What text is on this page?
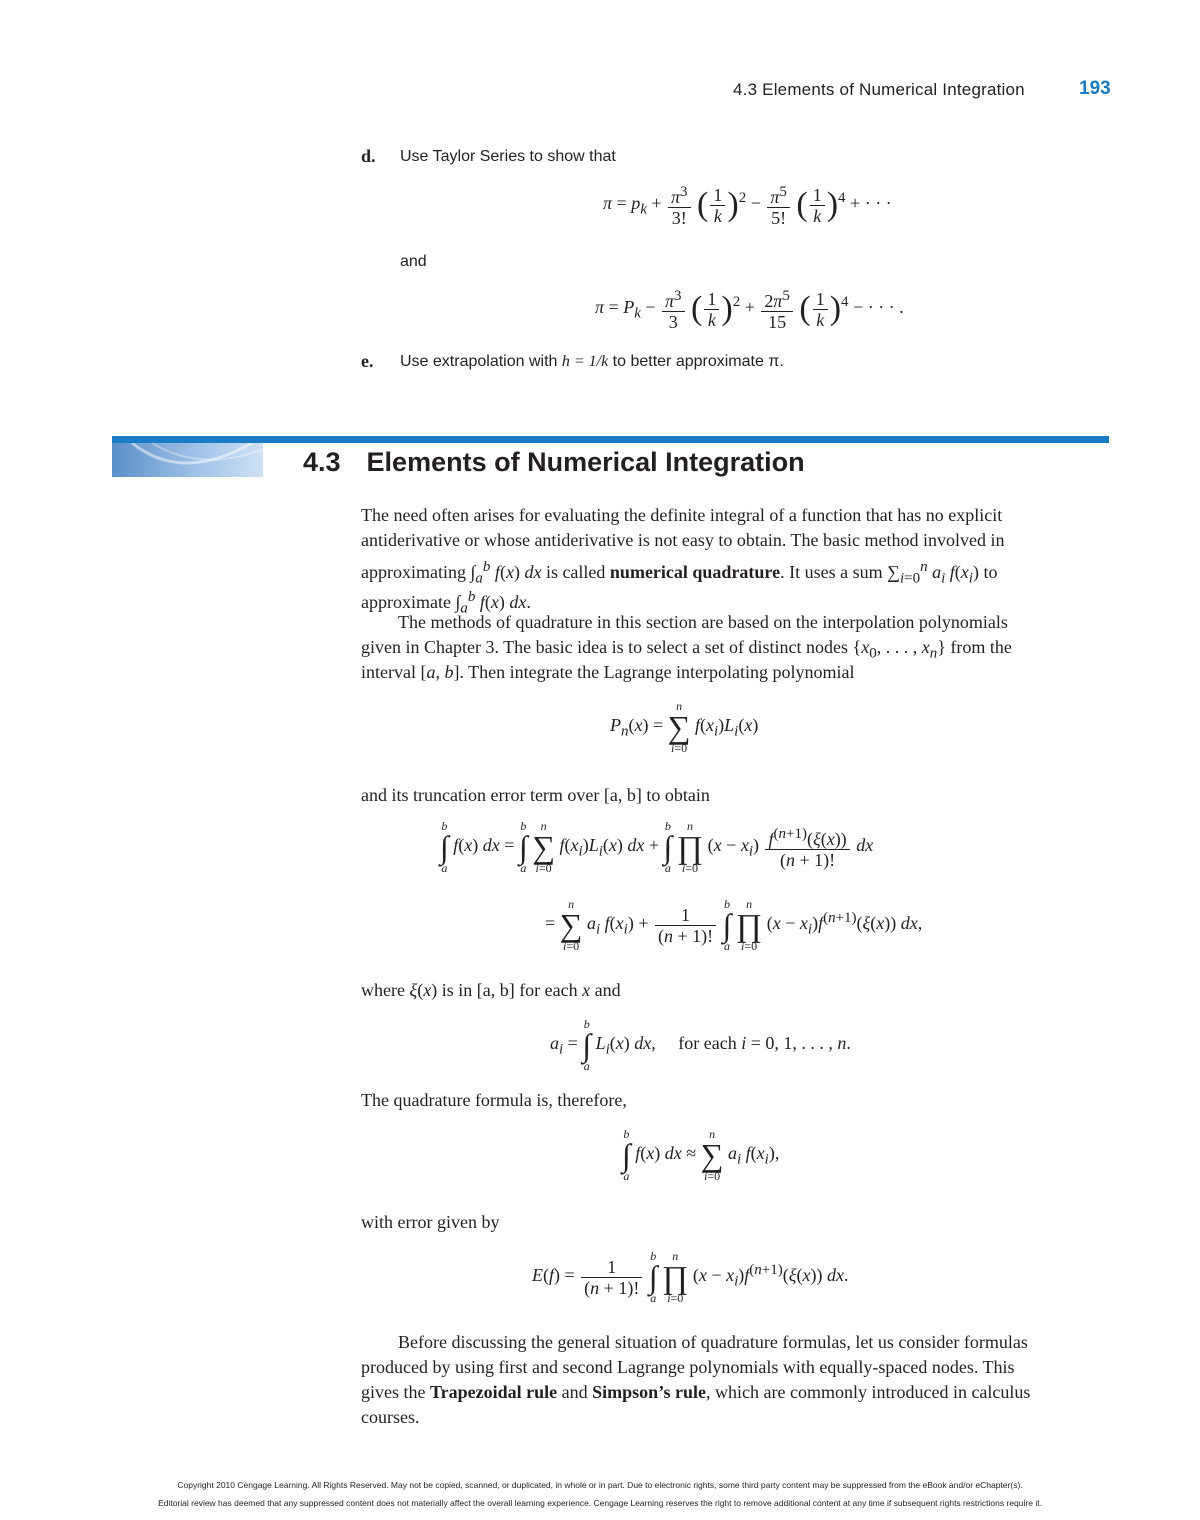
4.3 Elements of Numerical Integration	193
d. Use Taylor Series to show that
$\pi = p_k + \frac{\pi^3}{3!}$ ( $\frac{1}{k} )^2 - \frac{\pi^5}{5!}$ ( $\frac{1}{k} )^4$ + · · ·
and
$\pi = P_k - \frac{\pi^3}{3}$ ( $\frac{1}{k} )^2 + \frac{2\pi^5}{15}$ ( $\frac{1}{k} )^4$ − · · · .
e. Use extrapolation with h = 1/k to better approximate π.
4.3 Elements of Numerical Integration
The need often arises for evaluating the definite integral of a function that has no explicit
antiderivative or whose antiderivative is not easy to obtain. The basic method involved in
approximating $\int_a^b$ f(x) dx is called numerical quadrature. It uses a sum $\sum_{i=0}^n$ $a_i$ $f(x_i)$ to
approximate $\int_a^b$ f(x) dx.
The methods of quadrature in this section are based on the interpolation polynomials
given in Chapter 3. The basic idea is to select a set of distinct nodes {$x_0$, . . . , $x_n$} from the
interval [a, b]. Then integrate the Lagrange interpolating polynomial
$P_n(x) = n$
∑
i=0 $f(x_i)L_i(x)$
and its truncation error term over [a, b] to obtain
b
∫
a f(x) dx = b
∫
a n
∑
i=0 $f(x_i)L_i(x)$ dx + b
∫
a n
∏
i=0 $(x - x_i) \frac{f^{(n+1)}(\xi(x))}{(n + 1)!}$ dx
= n
∑
i=0 $a_i$ $f(x_i) + \frac{1}{(n + 1)!}$
b
∫
a n
∏
i=0 $(x - x_i)f^{(n+1)}(\xi(x))$ dx,
where ξ(x) is in [a, b] for each x and
$a_i = b$
∫
a $L_i(x)$ dx,     for each i = 0, 1, . . . , n.
The quadrature formula is, therefore,
b
∫
a f(x) dx ≈ n
∑
i=0 $a_i$ $f(x_i)$,
with error given by
$E(f) = \frac{1}{(n + 1)!}$
b
∫
a n
∏
i=0 $(x - x_i)f^{(n+1)}(\xi(x))$ dx.
Before discussing the general situation of quadrature formulas, let us consider formulas
produced by using first and second Lagrange polynomials with equally-spaced nodes. This
gives the Trapezoidal rule and Simpson’s rule, which are commonly introduced in calculus
courses.
Copyright 2010 Cengage Learning. All Rights Reserved. May not be copied, scanned, or duplicated, in whole or in part. Due to electronic rights, some third party content may be suppressed from the eBook and/or eChapter(s).
Editorial review has deemed that any suppressed content does not materially affect the overall learning experience. Cengage Learning reserves the right to remove additional content at any time if subsequent rights restrictions require it.
